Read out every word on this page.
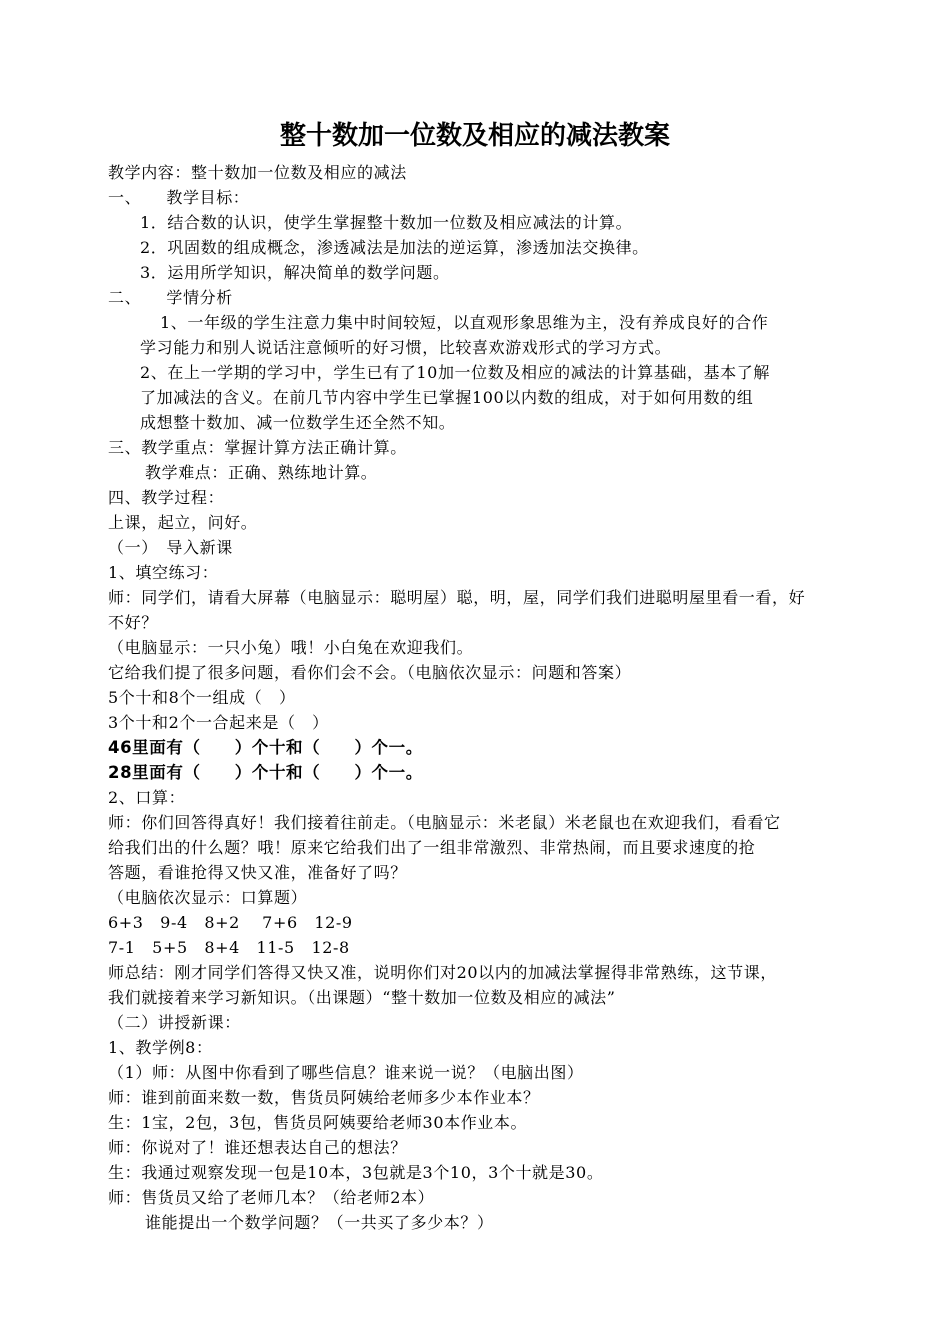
整十数加一位数及相应的减法教案
教学内容：整十数加一位数及相应的减法
一、　　教学目标：
1．结合数的认识，使学生掌握整十数加一位数及相应减法的计算。
2．巩固数的组成概念，渗透减法是加法的逆运算，渗透加法交换律。
3．运用所学知识，解决简单的数学问题。
二、　　学情分析
1、一年级的学生注意力集中时间较短，以直观形象思维为主，没有养成良好的合作
学习能力和别人说话注意倾听的好习惯，比较喜欢游戏形式的学习方式。
2、在上一学期的学习中，学生已有了10加一位数及相应的减法的计算基础，基本了解
了加减法的含义。在前几节内容中学生已掌握100以内数的组成，对于如何用数的组
成想整十数加、减一位数学生还全然不知。
三、教学重点：掌握计算方法正确计算。
教学难点：正确、熟练地计算。
四、教学过程：
上课，起立，问好。
（一）　导入新课
1、填空练习：
师：同学们，请看大屏幕（电脑显示：聪明屋）聪，明，屋，同学们我们进聪明屋里看一看，好
不好？
（电脑显示：一只小兔）哦！小白兔在欢迎我们。
它给我们提了很多问题，看你们会不会。（电脑依次显示：问题和答案）
5个十和8个一组成（　）
3个十和2个一合起来是（　）
46里面有（　　）个十和（　　）个一。
28里面有（　　）个十和（　　）个一。
2、口算：
师：你们回答得真好！我们接着往前走。（电脑显示：米老鼠）米老鼠也在欢迎我们，看看它
给我们出的什么题？哦！原来它给我们出了一组非常激烈、非常热闹，而且要求速度的抢
答题，看谁抢得又快又准，准备好了吗？
（电脑依次显示：口算题）
6+3　9-4　8+2　 7+6　12-9
7-1　5+5　8+4　11-5　12-8
师总结：刚才同学们答得又快又准，说明你们对20以内的加减法掌握得非常熟练，这节课，
我们就接着来学习新知识。（出课题）“整十数加一位数及相应的减法”
（二）讲授新课：
1、教学例8：
（1）师：从图中你看到了哪些信息？谁来说一说？（电脑出图）
师：谁到前面来数一数，售货员阿姨给老师多少本作业本？
生：1宝，2包，3包，售货员阿姨要给老师30本作业本。
师：你说对了！谁还想表达自己的想法？
生：我通过观察发现一包是10本，3包就是3个10，3个十就是30。
师：售货员又给了老师几本？（给老师2本）
谁能提出一个数学问题？（一共买了多少本？）
